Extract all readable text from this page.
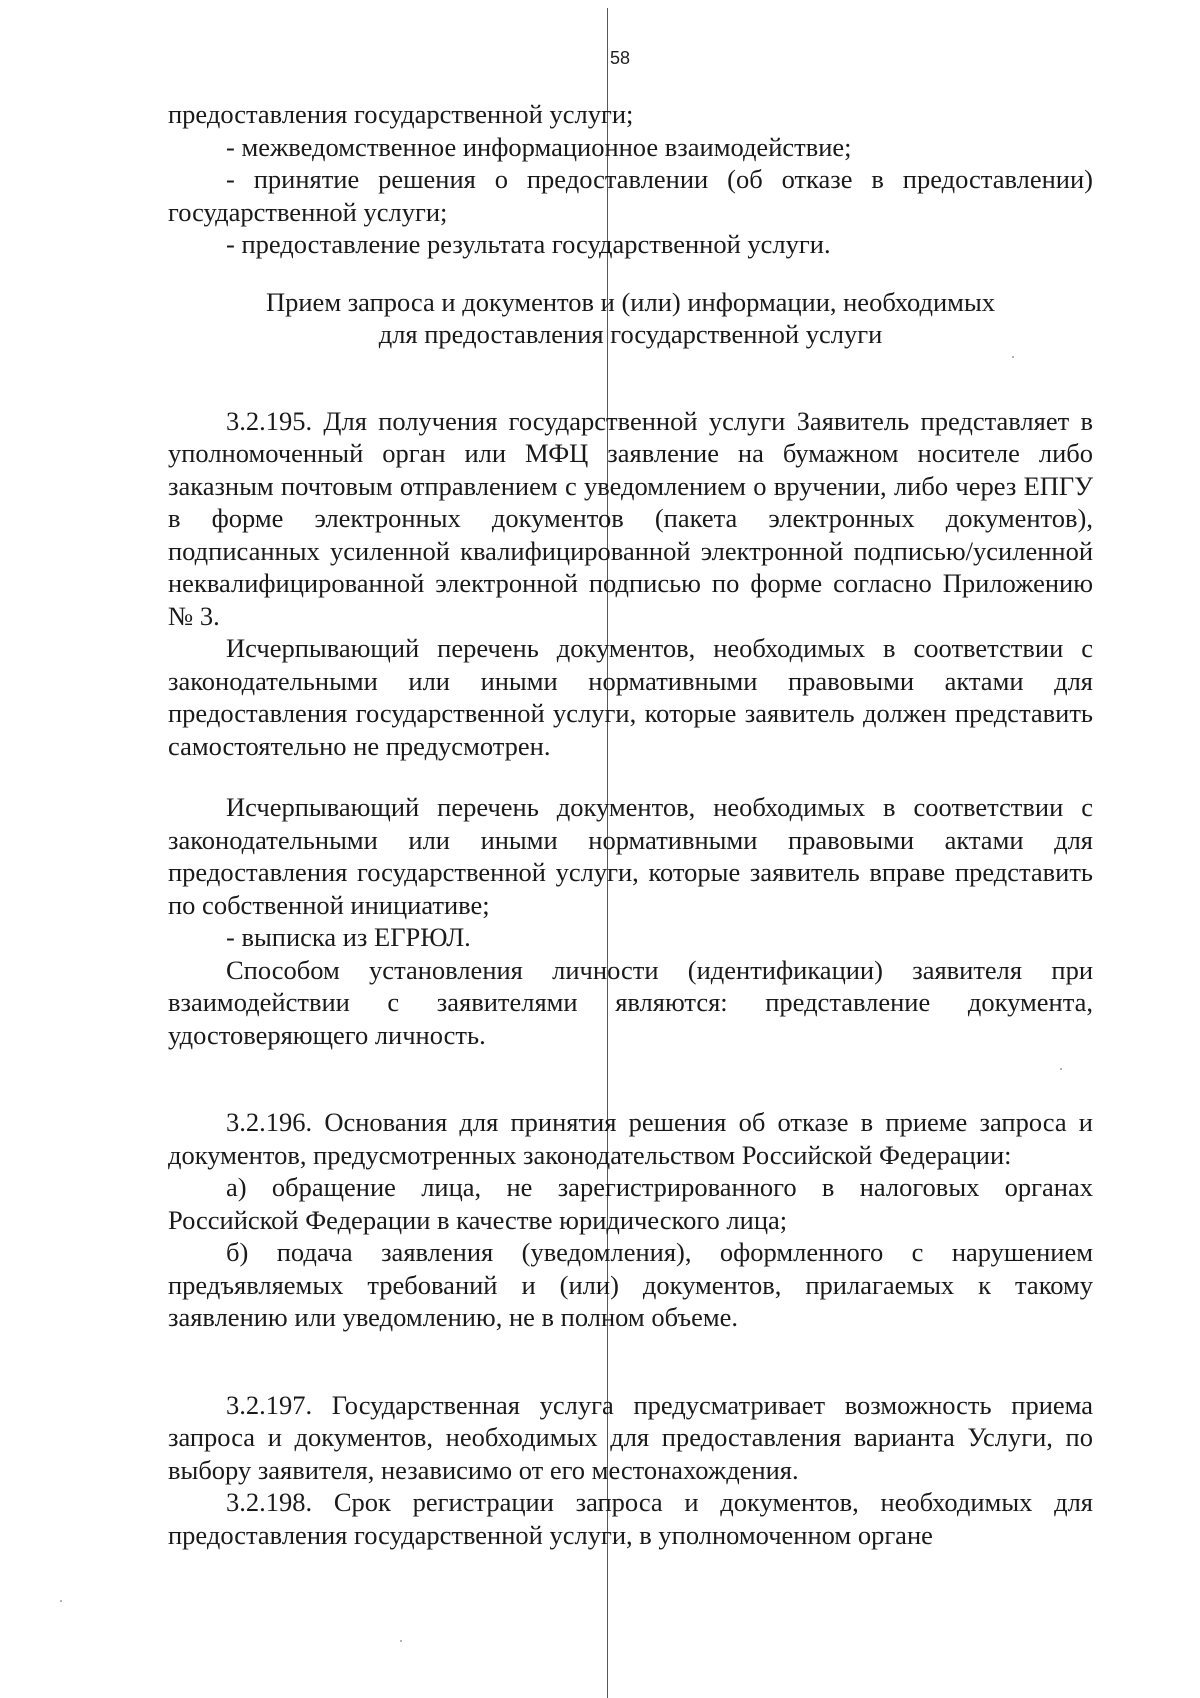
58

предоставления государственной услуги;

- межведомственное информационное взаимодействие;

- принятие решения о предоставлении (об отказе в предоставлении) государственной услуги;

- предоставление результата государственной услуги.

Прием запроса и документов и (или) информации, необходимых

для предоставления государственной услуги

3.2.195. Для получения государственной услуги Заявитель представляет в уполномоченный орган или МФЦ заявление на бумажном носителе либо заказным почтовым отправлением с уведомлением о вручении, либо через ЕПГУ в форме электронных документов (пакета электронных документов), подписанных усиленной квалифицированной электронной подписью/усиленной неквалифицированной электронной подписью по форме согласно Приложению № 3.

Исчерпывающий перечень документов, необходимых в соответствии с законодательными или иными нормативными правовыми актами для предоставления государственной услуги, которые заявитель должен представить самостоятельно не предусмотрен.

Исчерпывающий перечень документов, необходимых в соответствии с законодательными или иными нормативными правовыми актами для предоставления государственной услуги, которые заявитель вправе представить по собственной инициативе;

- выписка из ЕГРЮЛ.

Способом установления личности (идентификации) заявителя при взаимодействии с заявителями являются: представление документа, удостоверяющего личность.

3.2.196. Основания для принятия решения об отказе в приеме запроса и документов, предусмотренных законодательством Российской Федерации:

а) обращение лица, не зарегистрированного в налоговых органах Российской Федерации в качестве юридического лица;

б) подача заявления (уведомления), оформленного с нарушением предъявляемых требований и (или) документов, прилагаемых к такому заявлению или уведомлению, не в полном объеме.

3.2.197. Государственная услуга предусматривает возможность приема запроса и документов, необходимых для предоставления варианта Услуги, по выбору заявителя, независимо от его местонахождения.

3.2.198. Срок регистрации запроса и документов, необходимых для предоставления государственной услуги, в уполномоченном органе
